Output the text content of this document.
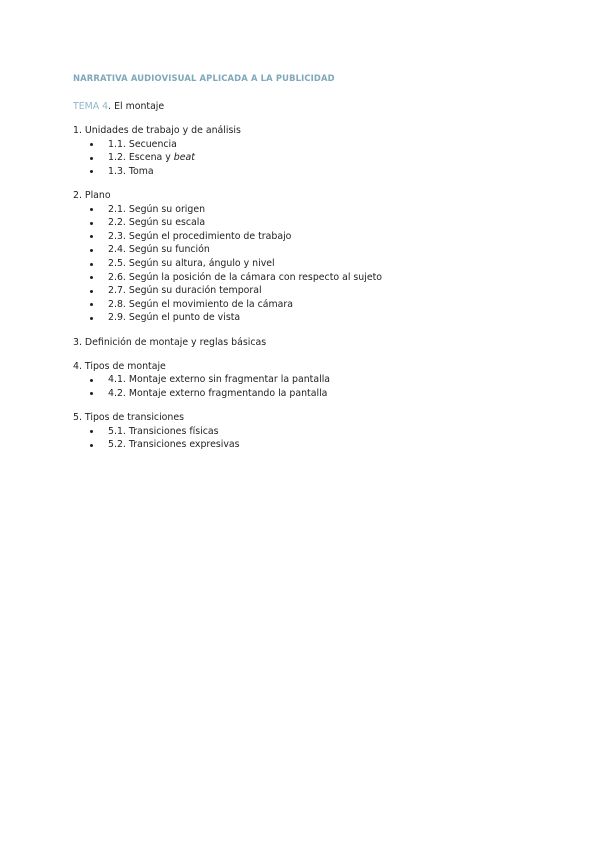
NARRATIVA AUDIOVISUAL APLICADA A LA PUBLICIDAD
TEMA 4. El montaje

1. Unidades de trabajo y de análisis

1.1. Secuencia
1.2. Escena y beat
1.3. Toma

2. Plano

2.1. Según su origen
2.2. Según su escala
2.3. Según el procedimiento de trabajo
2.4. Según su función
2.5. Según su altura, ángulo y nivel
2.6. Según la posición de la cámara con respecto al sujeto
2.7. Según su duración temporal
2.8. Según el movimiento de la cámara
2.9. Según el punto de vista

3. Definición de montaje y reglas básicas

4. Tipos de montaje

4.1. Montaje externo sin fragmentar la pantalla
4.2. Montaje externo fragmentando la pantalla

5. Tipos de transiciones

5.1. Transiciones físicas
5.2. Transiciones expresivas
